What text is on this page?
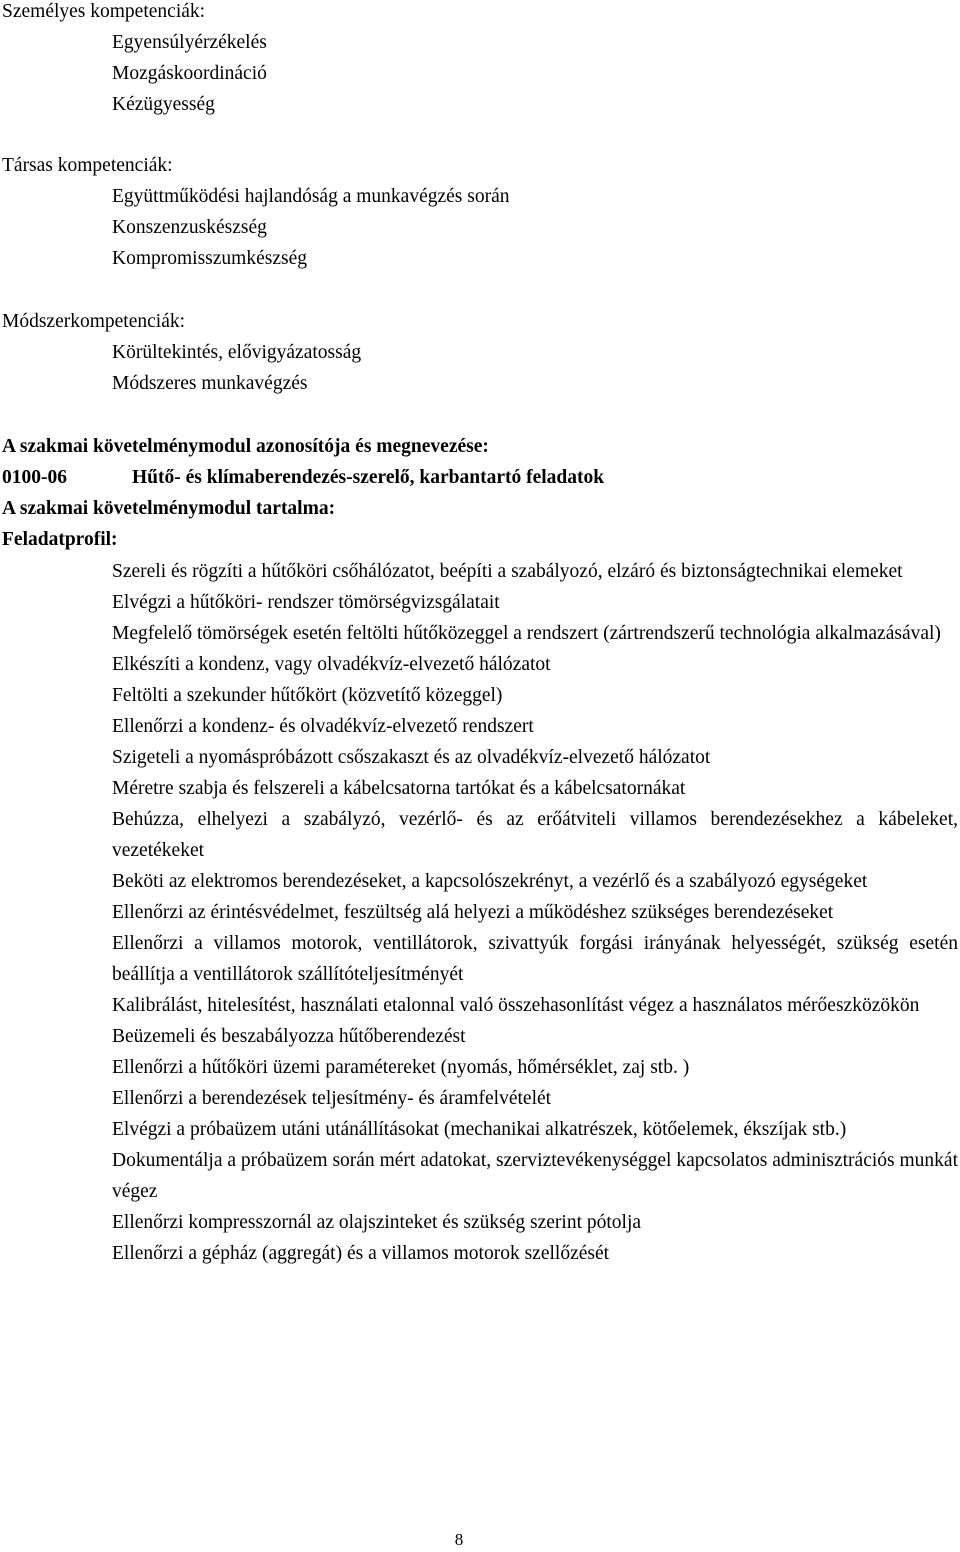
Személyes kompetenciák:

Egyensúlyérzékelés

Mozgáskoordináció

Kézügyesség

Társas kompetenciák:

Együttműködési hajlandóság a munkavégzés során

Konszenzuskészség

Kompromisszumkészség

Módszerkompetenciák:

Körültekintés, elővigyázatosság

Módszeres munkavégzés

A szakmai követelménymodul azonosítója és megnevezése:

0100-06	Hűtő- és klímaberendezés-szerelő, karbantartó feladatok

A szakmai követelménymodul tartalma:

Feladatprofil:

Szereli és rögzíti a hűtőköri csőhálózatot, beépíti a szabályozó, elzáró és biztonságtechnikai elemeket

Elvégzi a hűtőköri- rendszer tömörségvizsgálatait

Megfelelő tömörségek esetén feltölti hűtőközeggel a rendszert (zártrendszerű technológia alkalmazásával)

Elkészíti a kondenz, vagy olvadékvíz-elvezető hálózatot

Feltölti a szekunder hűtőkört (közvetítő közeggel)

Ellenőrzi a kondenz- és olvadékvíz-elvezető rendszert

Szigeteli a nyomáspróbázott csőszakaszt és az olvadékvíz-elvezető hálózatot

Méretre szabja és felszereli a kábelcsatorna tartókat és a kábelcsatornákat

Behúzza, elhelyezi a szabályzó, vezérlő- és az erőátviteli villamos berendezésekhez a kábeleket, vezetékeket

Beköti az elektromos berendezéseket, a kapcsolószekrényt, a vezérlő és a szabályozó egységeket

Ellenőrzi az érintésvédelmet, feszültség alá helyezi a működéshez szükséges berendezéseket

Ellenőrzi a villamos motorok, ventillátorok, szivattyúk forgási irányának helyességét, szükség esetén beállítja a ventillátorok szállítóteljesítményét

Kalibrálást, hitelesítést, használati etalonnal való összehasonlítást végez a használatos mérőeszközökön

Beüzemeli és beszabályozza hűtőberendezést

Ellenőrzi a hűtőköri üzemi paramétereket (nyomás, hőmérséklet, zaj stb. )

Ellenőrzi a berendezések teljesítmény- és áramfelvételét

Elvégzi a próbaüzem utáni utánállításokat (mechanikai alkatrészek, kötőelemek, ékszíjak stb.)

Dokumentálja a próbaüzem során mért adatokat, szerviztevékenységgel kapcsolatos adminisztrációs munkát végez

Ellenőrzi kompresszornál az olajszinteket és szükség szerint pótolja

Ellenőrzi a gépház (aggregát) és a villamos motorok szellőzését

8
